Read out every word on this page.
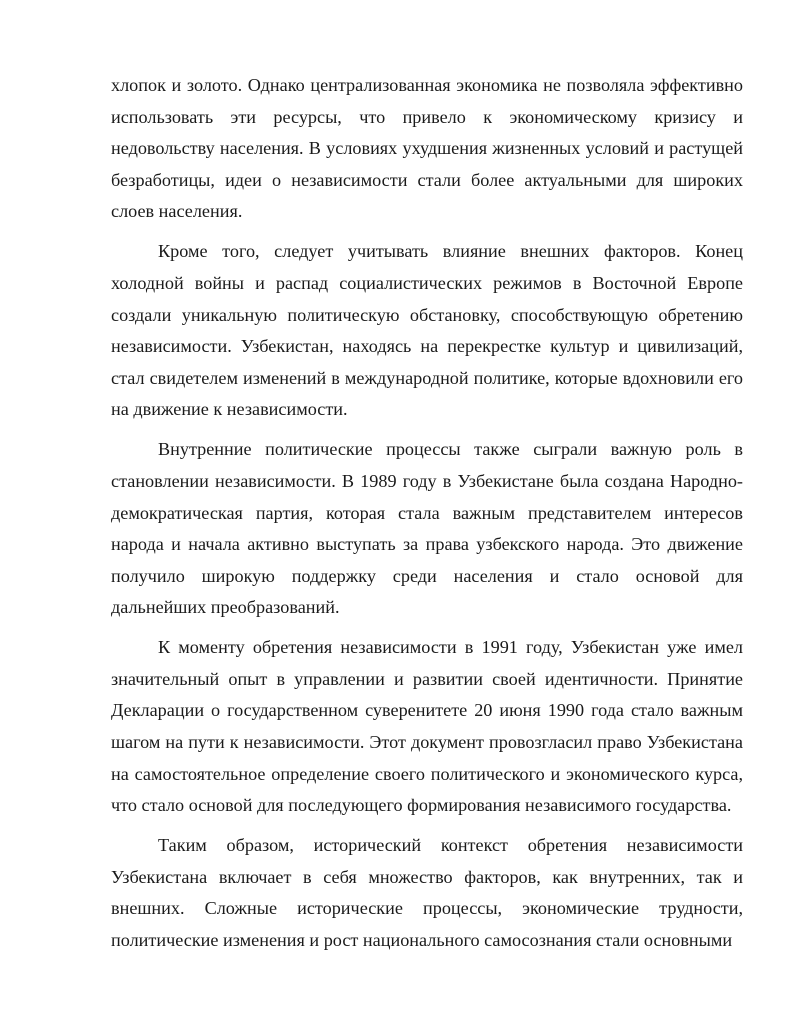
хлопок и золото. Однако централизованная экономика не позволяла эффективно использовать эти ресурсы, что привело к экономическому кризису и недовольству населения. В условиях ухудшения жизненных условий и растущей безработицы, идеи о независимости стали более актуальными для широких слоев населения.

Кроме того, следует учитывать влияние внешних факторов. Конец холодной войны и распад социалистических режимов в Восточной Европе создали уникальную политическую обстановку, способствующую обретению независимости. Узбекистан, находясь на перекрестке культур и цивилизаций, стал свидетелем изменений в международной политике, которые вдохновили его на движение к независимости.

Внутренние политические процессы также сыграли важную роль в становлении независимости. В 1989 году в Узбекистане была создана Народно-демократическая партия, которая стала важным представителем интересов народа и начала активно выступать за права узбекского народа. Это движение получило широкую поддержку среди населения и стало основой для дальнейших преобразований.

К моменту обретения независимости в 1991 году, Узбекистан уже имел значительный опыт в управлении и развитии своей идентичности. Принятие Декларации о государственном суверенитете 20 июня 1990 года стало важным шагом на пути к независимости. Этот документ провозгласил право Узбекистана на самостоятельное определение своего политического и экономического курса, что стало основой для последующего формирования независимого государства.

Таким образом, исторический контекст обретения независимости Узбекистана включает в себя множество факторов, как внутренних, так и внешних. Сложные исторические процессы, экономические трудности, политические изменения и рост национального самосознания стали основными
